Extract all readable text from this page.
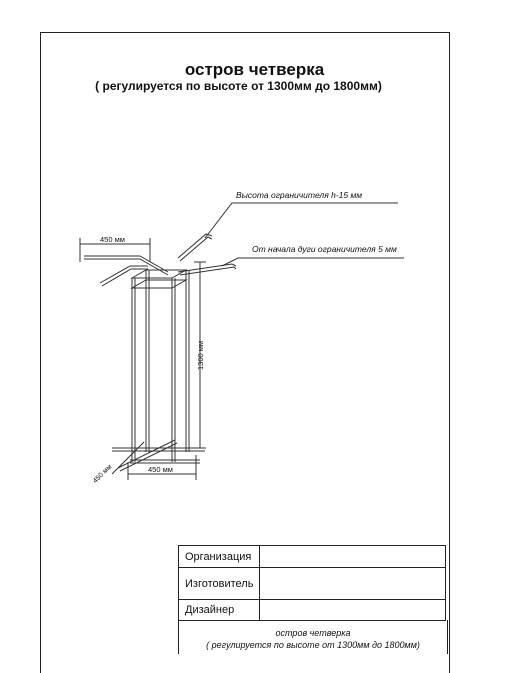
остров четверка
( регулируется по высоте от 1300мм до 1800мм)
Высота ограничителя h-15 мм
От начала дуги ограничителя 5 мм
450 мм
1300 мм
450 мм
450 мм
Организация	
Изготовитель	
Дизайнер	
остров четверка
( регулируется по высоте от 1300мм до 1800мм)
